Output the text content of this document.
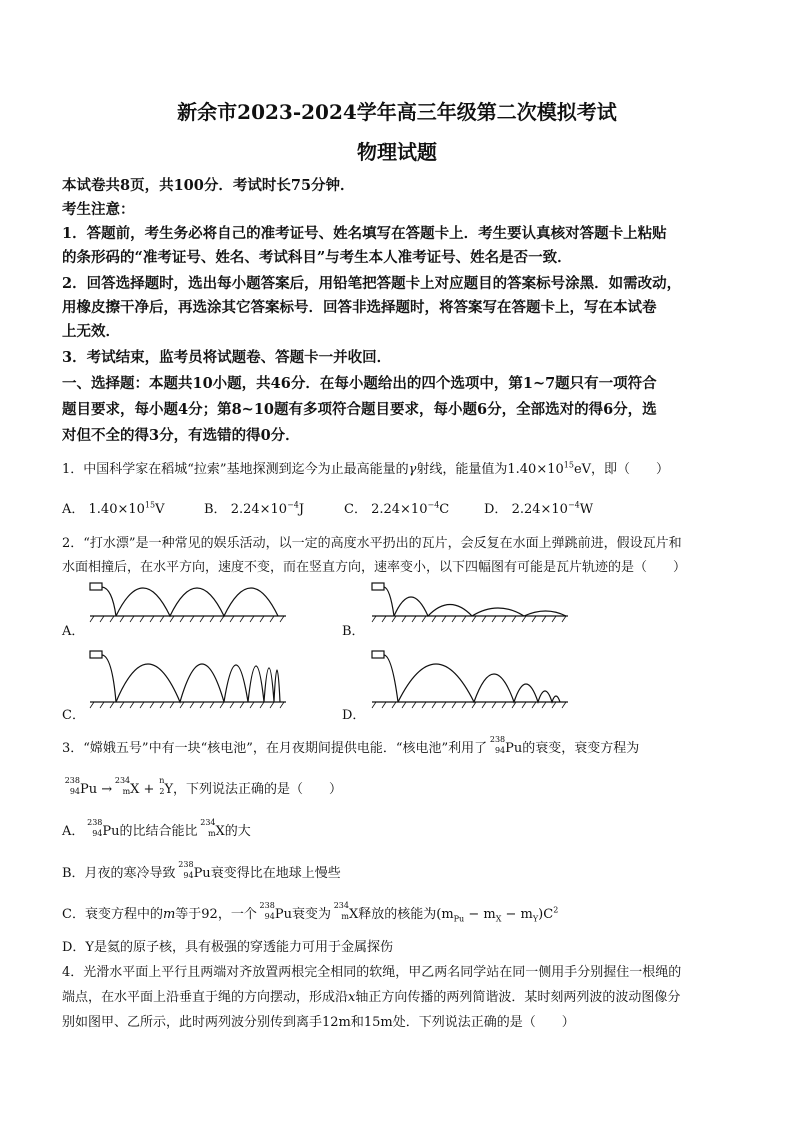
新余市2023-2024学年高三年级第二次模拟考试
物理试题
本试卷共8页，共100分．考试时长75分钟．
考生注意：
1．答题前，考生务必将自己的准考证号、姓名填写在答题卡上．考生要认真核对答题卡上粘贴
的条形码的“准考证号、姓名、考试科目”与考生本人准考证号、姓名是否一致．
2．回答选择题时，选出每小题答案后，用铅笔把答题卡上对应题目的答案标号涂黑．如需改动，
用橡皮擦干净后，再选涂其它答案标号．回答非选择题时，将答案写在答题卡上，写在本试卷
上无效．
3．考试结束，监考员将试题卷、答题卡一并收回．
一、选择题：本题共10小题，共46分．在每小题给出的四个选项中，第1~7题只有一项符合
题目要求，每小题4分；第8~10题有多项符合题目要求，每小题6分，全部选对的得6分，选
对但不全的得3分，有选错的得0分．
1．中国科学家在稻城“拉索”基地探测到迄今为止最高能量的γ射线，能量值为$1.40\times 10^{15}eV$，即（　　）
A． $1.40\times 10^{15}V$	B． $2.24\times 10^{-4}J$	C． $2.24\times 10^{-4}C$	D． $2.24\times 10^{-4}W$
2．“打水漂”是一种常见的娱乐活动，以一定的高度水平扔出的瓦片，会反复在水面上弹跳前进，假设瓦片和
水面相撞后，在水平方向，速度不变，而在竖直方向，速率变小，以下四幅图有可能是瓦片轨迹的是（　　）
A．	B．
C．	D．
3．“嫦娥五号”中有一块“核电池”，在月夜期间提供电能．“核电池”利用了
238
94 Pu的衰变，衰变方程为
238
94 Pu →
234
m X +
n
2 Y，下列说法正确的是（　　）
A．
238
94 Pu的比结合能比
234
m X的大
B．月夜的寒冷导致
238
94 Pu衰变得比在地球上慢些
C．衰变方程中的m等于92，一个
238
94 Pu衰变为
234
m X释放的核能为$(m_{Pu} - m_X - m_Y)C^2$
D．Y是氦的原子核，具有极强的穿透能力可用于金属探伤
4．光滑水平面上平行且两端对齐放置两根完全相同的软绳，甲乙两名同学站在同一侧用手分别握住一根绳的
端点，在水平面上沿垂直于绳的方向摆动，形成沿x轴正方向传播的两列简谐波．某时刻两列波的波动图像分
别如图甲、乙所示，此时两列波分别传到离手12m和15m处．下列说法正确的是（　　）
